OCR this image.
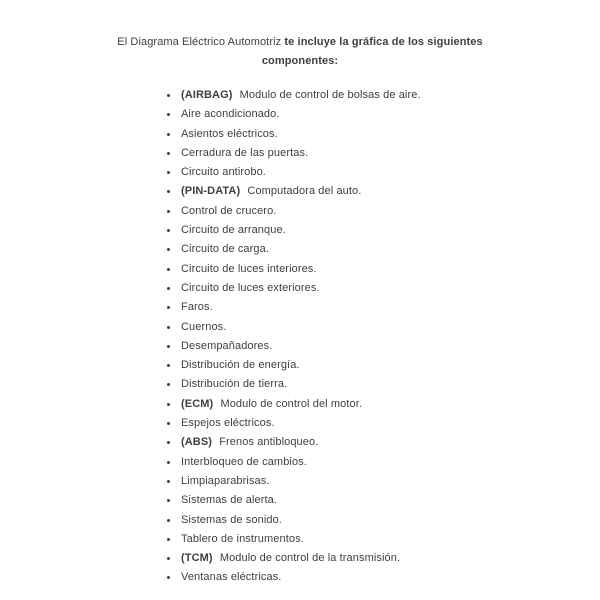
El Diagrama Eléctrico Automotriz te incluye la gráfica de los siguientes componentes:
(AIRBAG) Modulo de control de bolsas de aire.
Aire acondicionado.
Asientos eléctricos.
Cerradura de las puertas.
Circuito antirobo.
(PIN-DATA) Computadora del auto.
Control de crucero.
Circuito de arranque.
Circuito de carga.
Circuito de luces interiores.
Circuito de luces exteriores.
Faros.
Cuernos.
Desempañadores.
Distribución de energía.
Distribución de tierra.
(ECM) Modulo de control del motor.
Espejos eléctricos.
(ABS) Frenos antibloqueo.
Interbloqueo de cambios.
Limpiaparabrisas.
Sistemas de alerta.
Sistemas de sonido.
Tablero de instrumentos.
(TCM) Modulo de control de la transmisión.
Ventanas eléctricas.
